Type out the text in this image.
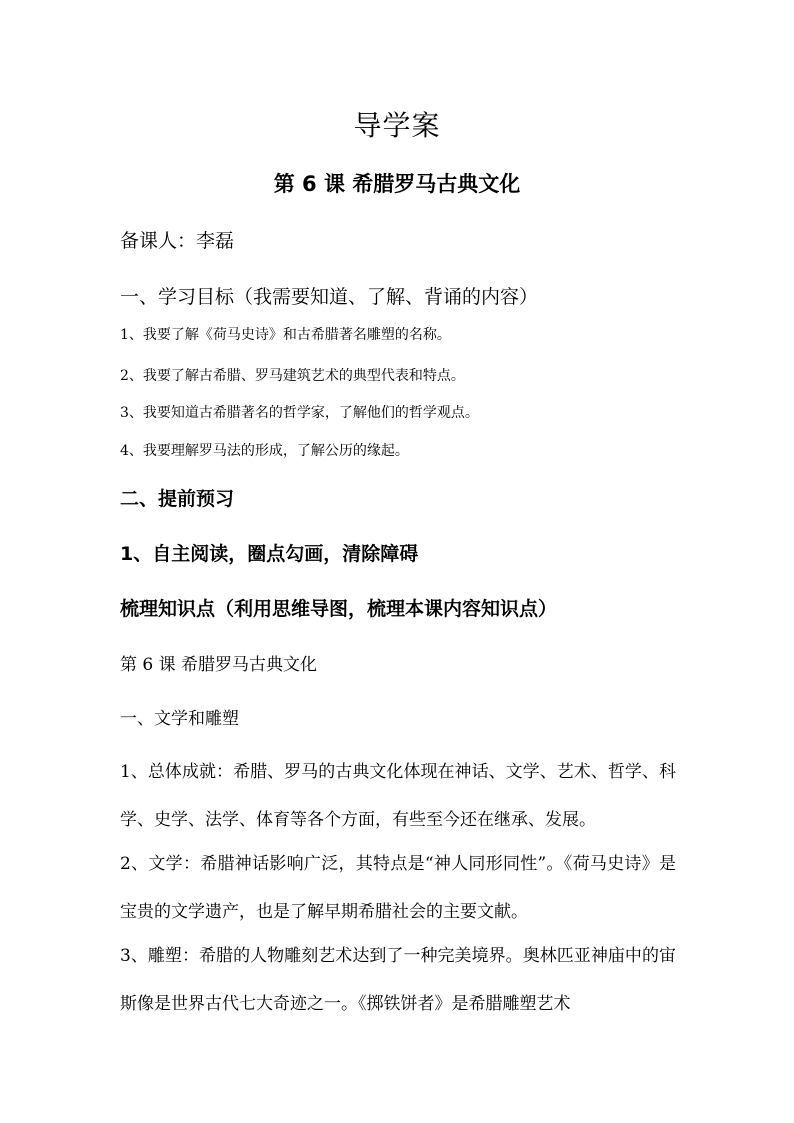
导学案
第 6 课 希腊罗马古典文化
备课人：李磊
一、学习目标（我需要知道、了解、背诵的内容）
1、我要了解《荷马史诗》和古希腊著名雕塑的名称。
2、我要了解古希腊、罗马建筑艺术的典型代表和特点。
3、我要知道古希腊著名的哲学家，了解他们的哲学观点。
4、我要理解罗马法的形成，了解公历的缘起。
二、提前预习
1、自主阅读，圈点勾画，清除障碍
梳理知识点（利用思维导图，梳理本课内容知识点）
第 6 课 希腊罗马古典文化
一、文学和雕塑
1、总体成就：希腊、罗马的古典文化体现在神话、文学、艺术、哲学、科学、史学、法学、体育等各个方面，有些至今还在继承、发展。
2、文学：希腊神话影响广泛，其特点是“神人同形同性”。《荷马史诗》是宝贵的文学遗产，也是了解早期希腊社会的主要文献。
3、雕塑：希腊的人物雕刻艺术达到了一种完美境界。奥林匹亚神庙中的宙斯像是世界古代七大奇迹之一。《掷铁饼者》是希腊雕塑艺术
